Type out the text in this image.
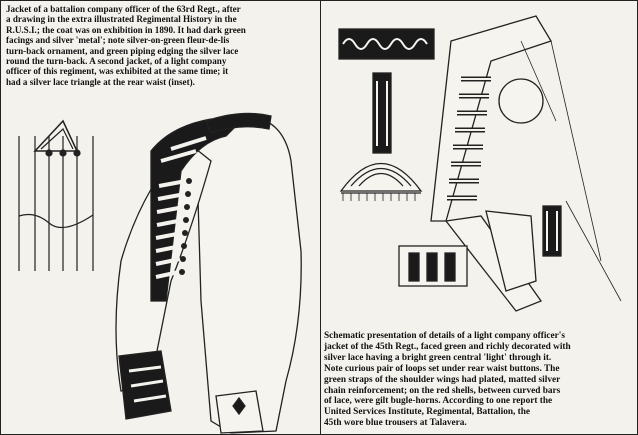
Jacket of a battalion company officer of the 63rd Regt., after
a drawing in the extra illustrated Regimental History in the
R.U.S.I.; the coat was on exhibition in 1890. It had dark green
facings and silver 'metal'; note silver-on-green fleur-de-lis
turn-back ornament, and green piping edging the silver lace
round the turn-back. A second jacket, of a light company
officer of this regiment, was exhibited at the same time; it
had a silver lace triangle at the rear waist (inset).
Schematic presentation of details of a light company officer's
jacket of the 45th Regt., faced green and richly decorated with
silver lace having a bright green central 'light' through it.
Note curious pair of loops set under rear waist buttons. The
green straps of the shoulder wings had plated, matted silver
chain reinforcement; on the red shells, between curved bars
of lace, were gilt bugle-horns. According to one report the
United Services Institute, Regimental, Battalion, the
45th wore blue trousers at Talavera.
